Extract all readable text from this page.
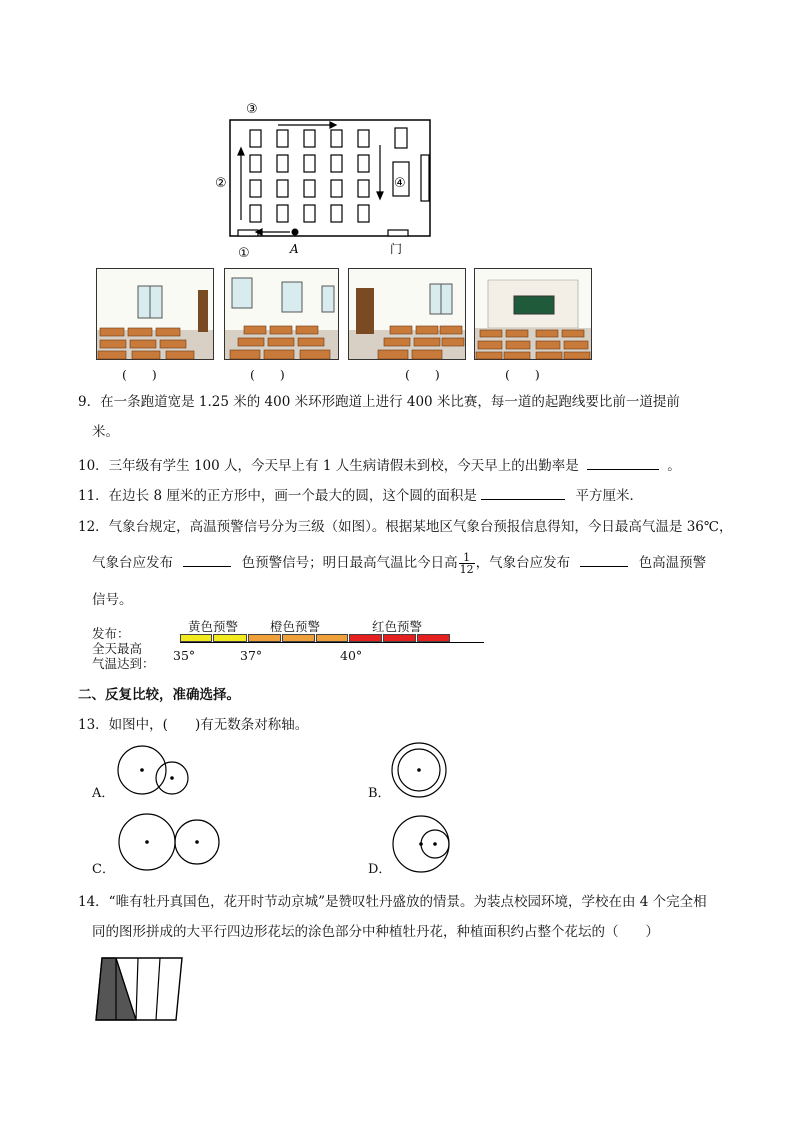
③
②	④
①	A	门
(　　)	(　　)	(　　)	(　　)
9．在一条跑道宽是 1.25 米的 400 米环形跑道上进行 400 米比赛，每一道的起跑线要比前一道提前
米。
10．三年级有学生 100 人，今天早上有 1 人生病请假未到校，今天早上的出勤率是	。
11．在边长 8 厘米的正方形中，画一个最大的圆，这个圆的面积是	平方厘米．
12．气象台规定，高温预警信号分为三级（如图）。根据某地区气象台预报信息得知，今日最高气温是 36℃，
气象台应发布	色预警信号；明日最高气温比今日高 $\frac{1}{12}$ ，气象台应发布	色高温预警
信号。
发布：
全天最高
气温达到：
黄色预警	橙色预警	红色预警
35°	37°	40°
二、反复比较，准确选择。
13．如图中，(　　)有无数条对称轴。
A．	B．
C．	D．
14．“唯有牡丹真国色，花开时节动京城”是赞叹牡丹盛放的情景。为装点校园环境，学校在由 4 个完全相
同的图形拼成的大平行四边形花坛的涂色部分中种植牡丹花，种植面积约占整个花坛的（　　）
